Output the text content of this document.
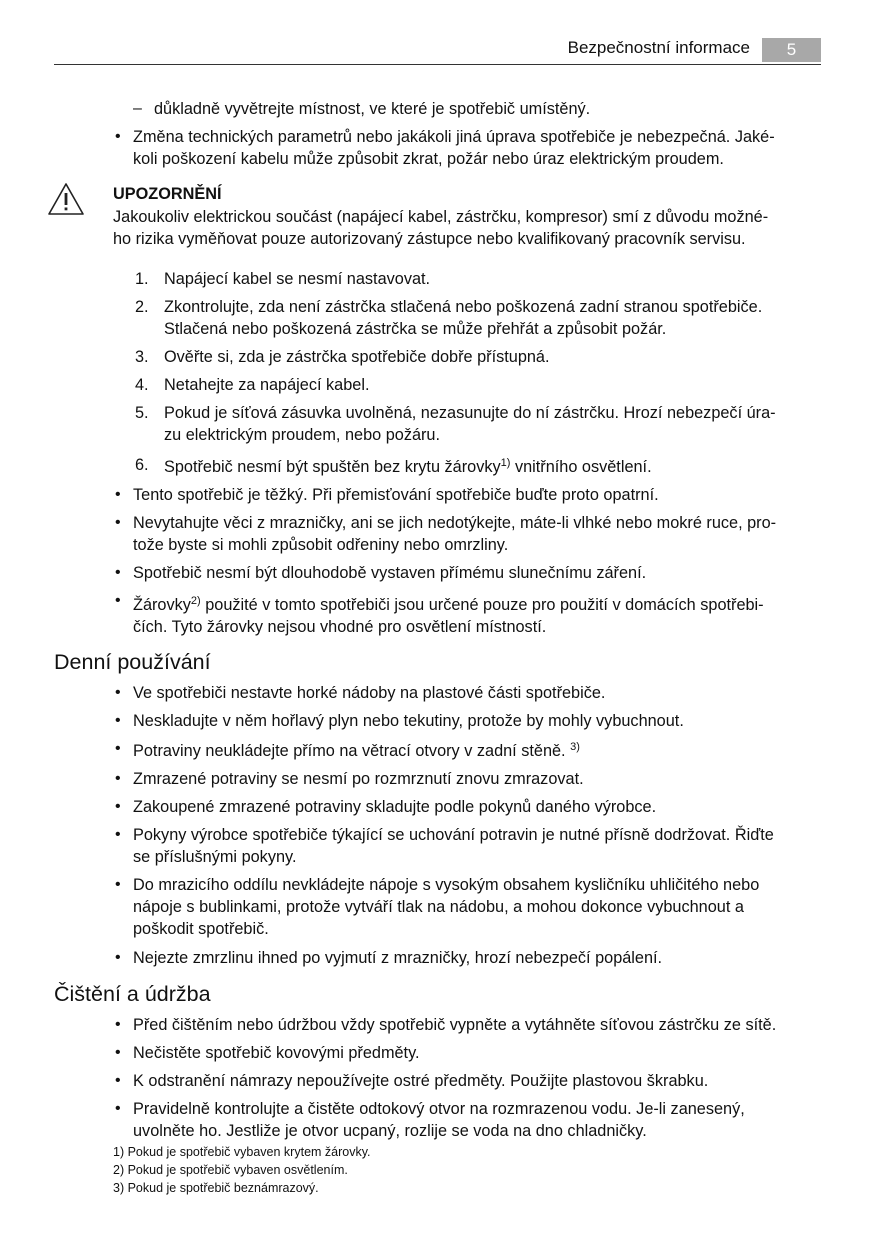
Bezpečnostní informace	5
– důkladně vyvětrejte místnost, ve které je spotřebič umístěný.
• Změna technických parametrů nebo jakákoli jiná úprava spotřebiče je nebezpečná. Jaké-
koli poškození kabelu může způsobit zkrat, požár nebo úraz elektrickým proudem.
UPOZORNĚNÍ
Jakoukoliv elektrickou součást (napájecí kabel, zástrčku, kompresor) smí z důvodu možné-
ho rizika vyměňovat pouze autorizovaný zástupce nebo kvalifikovaný pracovník servisu.
1. Napájecí kabel se nesmí nastavovat.
2. Zkontrolujte, zda není zástrčka stlačená nebo poškozená zadní stranou spotřebiče.
Stlačená nebo poškozená zástrčka se může přehřát a způsobit požár.
3. Ověřte si, zda je zástrčka spotřebiče dobře přístupná.
4. Netahejte za napájecí kabel.
5. Pokud je síťová zásuvka uvolněná, nezasunujte do ní zástrčku. Hrozí nebezpečí úra-
zu elektrickým proudem, nebo požáru.
6. Spotřebič nesmí být spuštěn bez krytu žárovky$^{1)}$ vnitřního osvětlení.
• Tento spotřebič je těžký. Při přemisťování spotřebiče buďte proto opatrní.
• Nevytahujte věci z mrazničky, ani se jich nedotýkejte, máte-li vlhké nebo mokré ruce, pro-
tože byste si mohli způsobit odřeniny nebo omrzliny.
• Spotřebič nesmí být dlouhodobě vystaven přímému slunečnímu záření.
• Žárovky$^{2)}$ použité v tomto spotřebiči jsou určené pouze pro použití v domácích spotřebi-
čích. Tyto žárovky nejsou vhodné pro osvětlení místností.
Denní používání
• Ve spotřebiči nestavte horké nádoby na plastové části spotřebiče.
• Neskladujte v něm hořlavý plyn nebo tekutiny, protože by mohly vybuchnout.
• Potraviny neukládejte přímo na větrací otvory v zadní stěně. $^{3)}$
• Zmrazené potraviny se nesmí po rozmrznutí znovu zmrazovat.
• Zakoupené zmrazené potraviny skladujte podle pokynů daného výrobce.
• Pokyny výrobce spotřebiče týkající se uchování potravin je nutné přísně dodržovat. Řiďte
se příslušnými pokyny.
• Do mrazicího oddílu nevkládejte nápoje s vysokým obsahem kysličníku uhličitého nebo
nápoje s bublinkami, protože vytváří tlak na nádobu, a mohou dokonce vybuchnout a
poškodit spotřebič.
• Nejezte zmrzlinu ihned po vyjmutí z mrazničky, hrozí nebezpečí popálení.
Čištění a údržba
• Před čištěním nebo údržbou vždy spotřebič vypněte a vytáhněte síťovou zástrčku ze sítě.
• Nečistěte spotřebič kovovými předměty.
• K odstranění námrazy nepoužívejte ostré předměty. Použijte plastovou škrabku.
• Pravidelně kontrolujte a čistěte odtokový otvor na rozmrazenou vodu. Je-li zanesený,
uvolněte ho. Jestliže je otvor ucpaný, rozlije se voda na dno chladničky.
1) Pokud je spotřebič vybaven krytem žárovky.
2) Pokud je spotřebič vybaven osvětlením.
3) Pokud je spotřebič beznámrazový.
